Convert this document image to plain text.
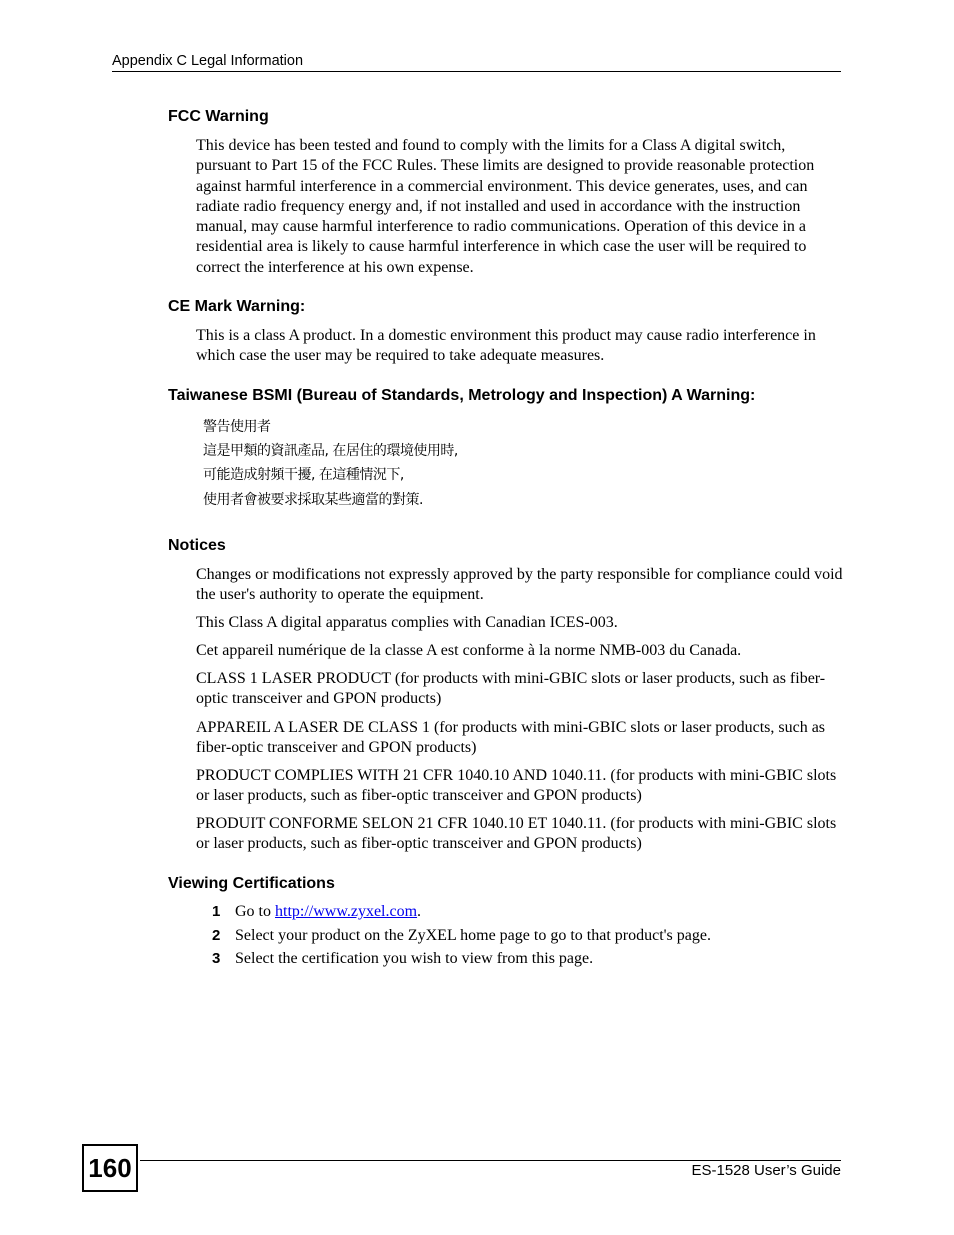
Appendix C Legal Information
FCC Warning

This device has been tested and found to comply with the limits for a Class A digital switch, pursuant to Part 15 of the FCC Rules. These limits are designed to provide reasonable protection against harmful interference in a commercial environment. This device generates, uses, and can radiate radio frequency energy and, if not installed and used in accordance with the instruction manual, may cause harmful interference to radio communications. Operation of this device in a residential area is likely to cause harmful interference in which case the user will be required to correct the interference at his own expense.

CE Mark Warning:

This is a class A product. In a domestic environment this product may cause radio interference in which case the user may be required to take adequate measures.

Taiwanese BSMI (Bureau of Standards, Metrology and Inspection) A Warning:
警告使用者
這是甲類的資訊產品, 在居住的環境使用時,
可能造成射頻干擾, 在這種情況下,
使用者會被要求採取某些適當的對策.
Notices

Changes or modifications not expressly approved by the party responsible for compliance could void the user's authority to operate the equipment.

This Class A digital apparatus complies with Canadian ICES-003.

Cet appareil numérique de la classe A est conforme à la norme NMB-003 du Canada.

CLASS 1 LASER PRODUCT (for products with mini-GBIC slots or laser products, such as fiber-optic transceiver and GPON products)

APPAREIL A LASER DE CLASS 1 (for products with mini-GBIC slots or laser products, such as fiber-optic transceiver and GPON products)

PRODUCT COMPLIES WITH 21 CFR 1040.10 AND 1040.11. (for products with mini-GBIC slots or laser products, such as fiber-optic transceiver and GPON products)

PRODUIT CONFORME SELON 21 CFR 1040.10 ET 1040.11. (for products with mini-GBIC slots or laser products, such as fiber-optic transceiver and GPON products)

Viewing Certifications
1 Go to http://www.zyxel.com.
2 Select your product on the ZyXEL home page to go to that product's page.
3 Select the certification you wish to view from this page.
160	ES-1528 User’s Guide
